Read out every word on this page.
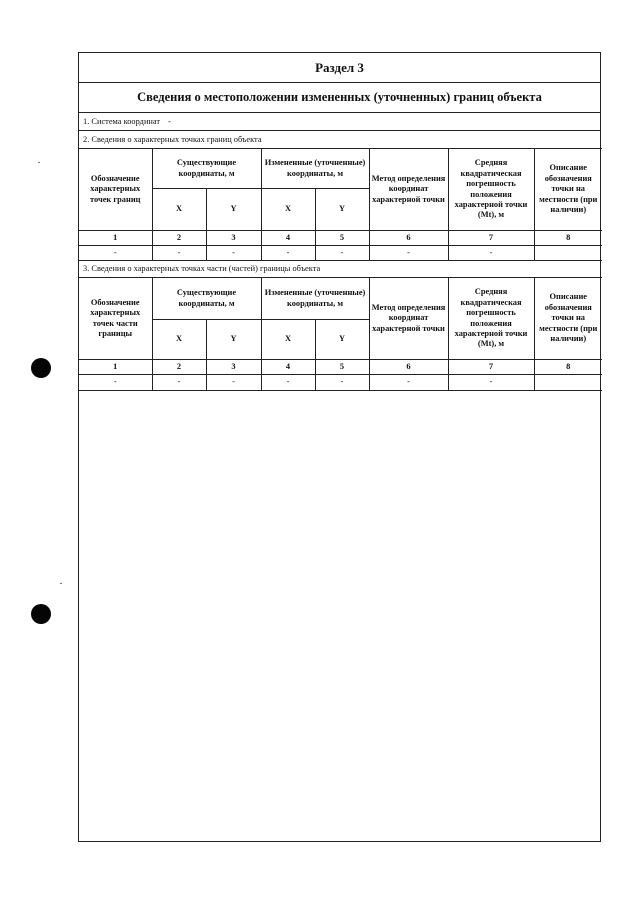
Раздел 3
Сведения о местоположении измененных (уточненных) границ объекта
1. Система координат -
2. Сведения о характерных точках границ объекта
Обозначение характерных точек границ	Существующие координаты, м		Измененные (уточненные) координаты, м		Метод определения координат характерной точки	Средняя квадратическая погрешность положения характерной точки (Mt), м	Описание обозначения точки на местности (при наличии)
	X	Y	X	Y			
1	2	3	4	5	6	7	8
-	-	-	-	-	-	-	
3. Сведения о характерных точках части (частей) границы объекта							
Обозначение характерных точек части границы	Существующие координаты, м		Измененные (уточненные) координаты, м		Метод определения координат характерной точки	Средняя квадратическая погрешность положения характерной точки (Mt), м	Описание обозначения точки на местности (при наличии)
	X	Y	X	Y			
1	2	3	4	5	6	7	8
-	-	-	-	-	-	-	
